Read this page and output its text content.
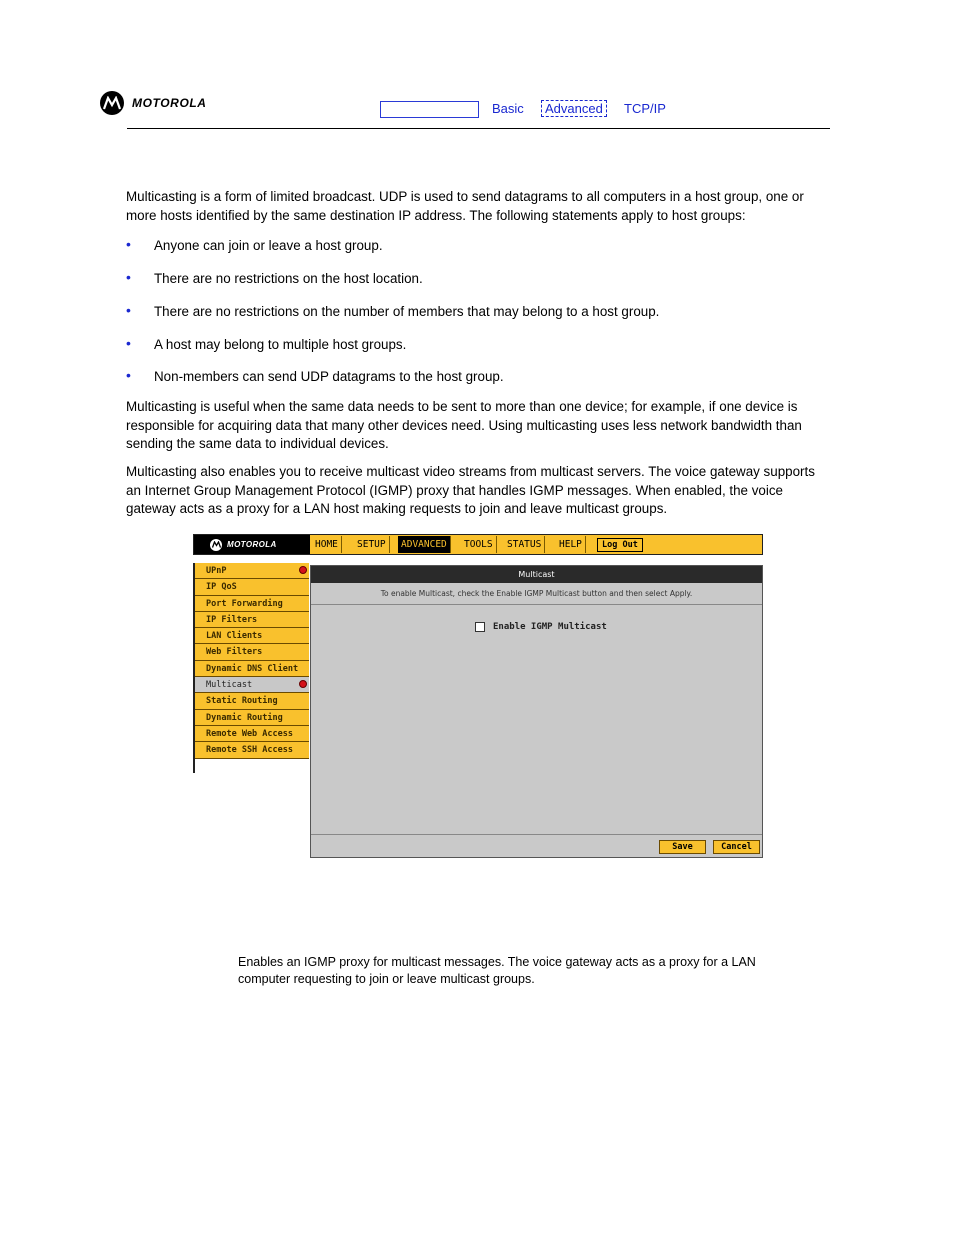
MOTOROLA	Basic	Advanced	TCP/IP

Multicasting is a form of limited broadcast. UDP is used to send datagrams to all computers in a host group, one or more hosts identified by the same destination IP address. The following statements apply to host groups:

• Anyone can join or leave a host group.
• There are no restrictions on the host location.
• There are no restrictions on the number of members that may belong to a host group.
• A host may belong to multiple host groups.
• Non-members can send UDP datagrams to the host group.

Multicasting is useful when the same data needs to be sent to more than one device; for example, if one device is responsible for acquiring data that many other devices need. Using multicasting uses less network bandwidth than sending the same data to individual devices.

Multicasting also enables you to receive multicast video streams from multicast servers. The voice gateway supports an Internet Group Management Protocol (IGMP) proxy that handles IGMP messages. When enabled, the voice gateway acts as a proxy for a LAN host making requests to join and leave multicast groups.

MOTOROLA	HOME	SETUP	ADVANCED	TOOLS	STATUS	HELP	Log Out
UPnP
IP QoS
Port Forwarding
IP Filters
LAN Clients
Web Filters
Dynamic DNS Client
Multicast
Static Routing
Dynamic Routing
Remote Web Access
Remote SSH Access
Multicast
To enable Multicast, check the Enable IGMP Multicast button and then select Apply.
Enable IGMP Multicast
Save	Cancel
Enables an IGMP proxy for multicast messages. The voice gateway acts as a proxy for a LAN computer requesting to join or leave multicast groups.
